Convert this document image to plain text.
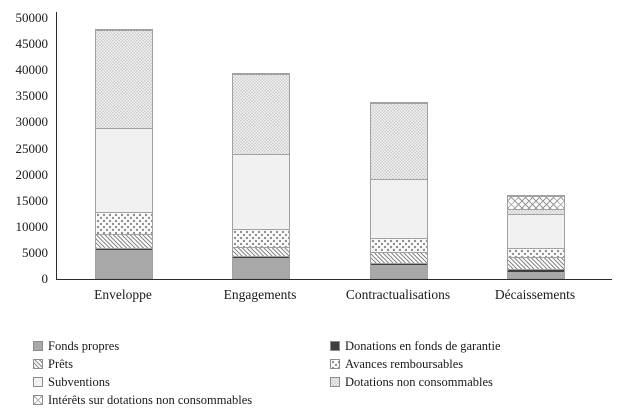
0
5000
10000
15000
20000
25000
30000
35000
40000
45000
50000
Enveloppe	Engagements	Contractualisations	Décaissements
Fonds propres
Prêts
Subventions
Intérêts sur dotations non consommables
Donations en fonds de garantie
Avances remboursables
Dotations non consommables
